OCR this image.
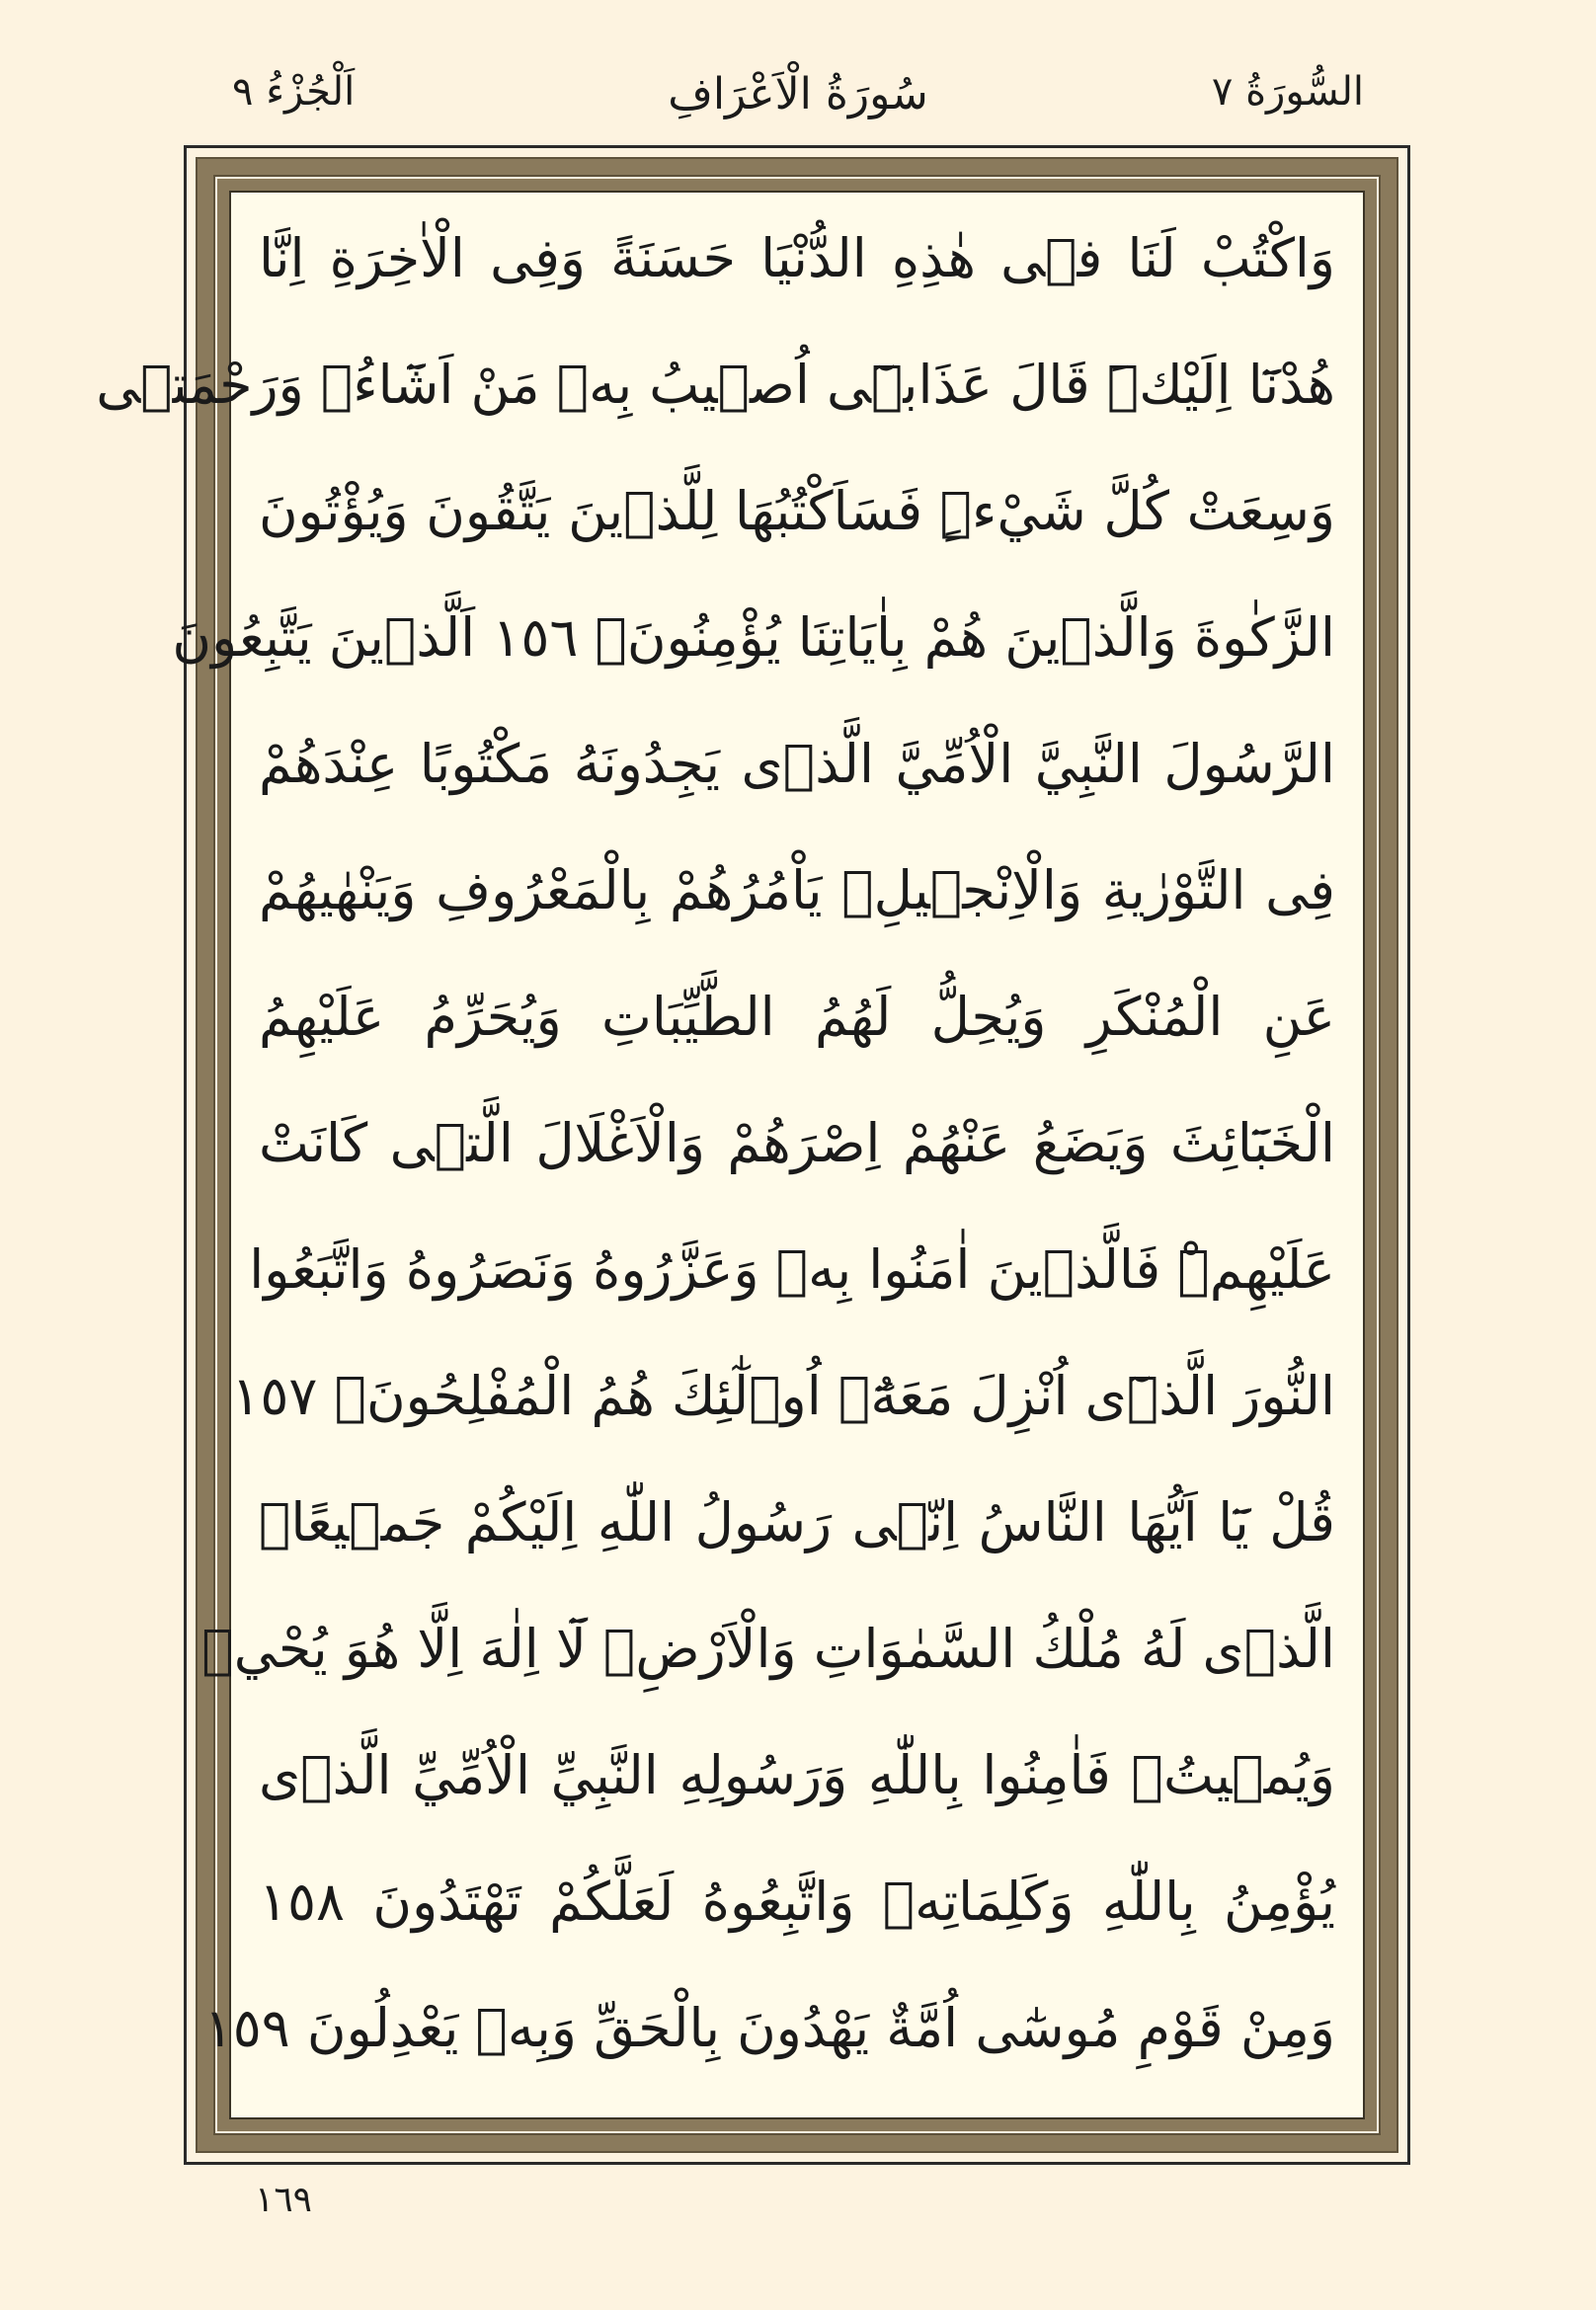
السُّورَةُ ٧
سُورَةُ الْاَعْرَافِ
اَلْجُزْءُ ٩
وَاكْتُبْ لَنَا فٖى هٰذِهِ الدُّنْيَا حَسَنَةً وَفِى الْاٰخِرَةِ اِنَّا
هُدْنَٓا اِلَيْكَۜ قَالَ عَذَابٖٓى اُصٖيبُ بِهٖ مَنْ اَشَٓاءُۚ وَرَحْمَتٖى
وَسِعَتْ كُلَّ شَيْءٍۜ فَسَاَكْتُبُهَا لِلَّذٖينَ يَتَّقُونَ وَيُؤْتُونَ
الزَّكٰوةَ وَالَّذٖينَ هُمْ بِاٰيَاتِنَا يُؤْمِنُونَۚ ١٥٦ اَلَّذٖينَ يَتَّبِعُونَ
الرَّسُولَ النَّبِيَّ الْاُمِّيَّ الَّذٖى يَجِدُونَهُ مَكْتُوبًا عِنْدَهُمْ
فِى التَّوْرٰيةِ وَالْاِنْجٖيلِۘ يَاْمُرُهُمْ بِالْمَعْرُوفِ وَيَنْهٰيهُمْ
عَنِ الْمُنْكَرِ وَيُحِلُّ لَهُمُ الطَّيِّبَاتِ وَيُحَرِّمُ عَلَيْهِمُ
الْخَبَٓائِثَ وَيَضَعُ عَنْهُمْ اِصْرَهُمْ وَالْاَغْلَالَ الَّتٖى كَانَتْ
عَلَيْهِمْۜ فَالَّذٖينَ اٰمَنُوا بِهٖ وَعَزَّرُوهُ وَنَصَرُوهُ وَاتَّبَعُوا
النُّورَ الَّذٖٓى اُنْزِلَ مَعَهُٓۙ اُو۬لٰٓئِكَ هُمُ الْمُفْلِحُونَۚ ١٥٧
قُلْ يَٓا اَيُّهَا النَّاسُ اِنّٖى رَسُولُ اللّٰهِ اِلَيْكُمْ جَمٖيعًاۨ
الَّذٖى لَهُ مُلْكُ السَّمٰوَاتِ وَالْاَرْضِۚ لَٓا اِلٰهَ اِلَّا هُوَ يُحْيٖ
وَيُمٖيتُۖ فَاٰمِنُوا بِاللّٰهِ وَرَسُولِهِ النَّبِيِّ الْاُمِّيِّ الَّذٖى
يُؤْمِنُ بِاللّٰهِ وَكَلِمَاتِهٖ وَاتَّبِعُوهُ لَعَلَّكُمْ تَهْتَدُونَ ١٥٨
وَمِنْ قَوْمِ مُوسٰٓى اُمَّةٌ يَهْدُونَ بِالْحَقِّ وَبِهٖ يَعْدِلُونَ ١٥٩
١٦٩
